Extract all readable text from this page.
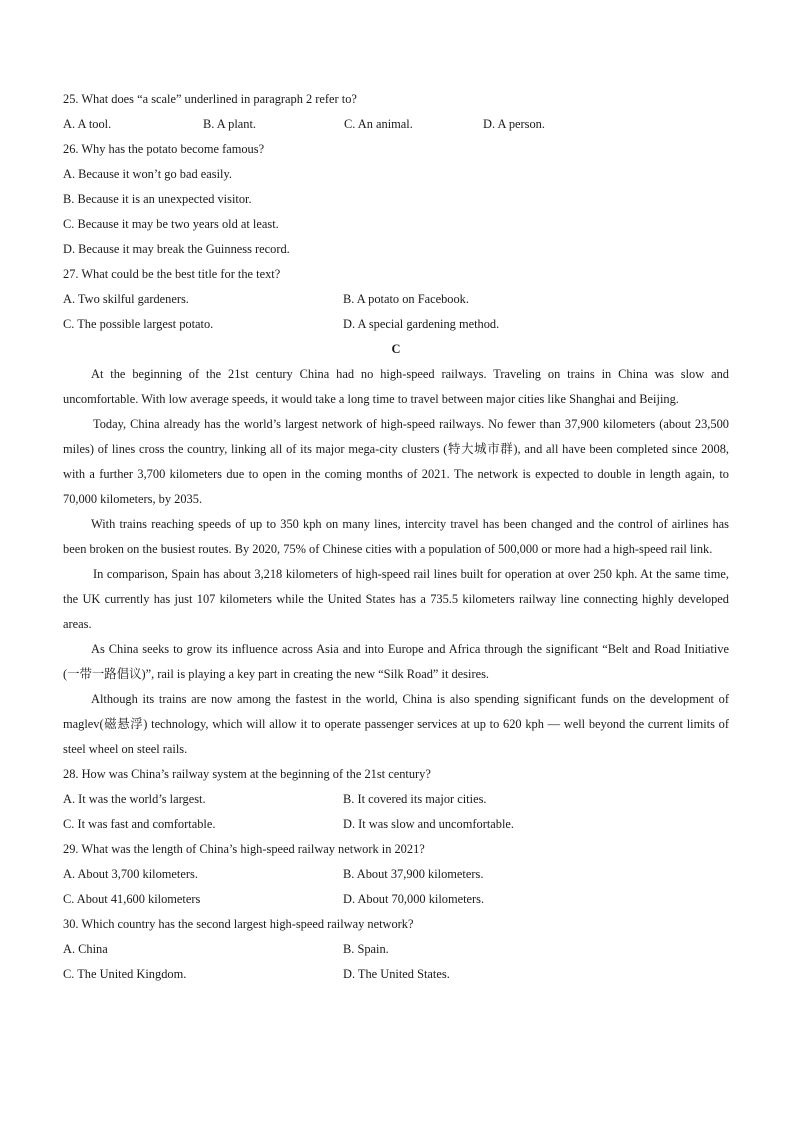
25. What does “a scale” underlined in paragraph 2 refer to?
A. A tool.	B. A plant.	C. An animal.	D. A person.
26. Why has the potato become famous?
A. Because it won’t go bad easily.
B. Because it is an unexpected visitor.
C. Because it may be two years old at least.
D. Because it may break the Guinness record.
27. What could be the best title for the text?
A. Two skilful gardeners.	B. A potato on Facebook.
C. The possible largest potato.	D. A special gardening method.
C

At the beginning of the 21st century China had no high-speed railways. Traveling on trains in China was slow and uncomfortable. With low average speeds, it would take a long time to travel between major cities like Shanghai and Beijing.

Today, China already has the world’s largest network of high-speed railways. No fewer than 37,900 kilometers (about 23,500 miles) of lines cross the country, linking all of its major mega-city clusters (特大城市群), and all have been completed since 2008, with a further 3,700 kilometers due to open in the coming months of 2021. The network is expected to double in length again, to 70,000 kilometers, by 2035.

With trains reaching speeds of up to 350 kph on many lines, intercity travel has been changed and the control of airlines has been broken on the busiest routes. By 2020, 75% of Chinese cities with a population of 500,000 or more had a high-speed rail link.

In comparison, Spain has about 3,218 kilometers of high-speed rail lines built for operation at over 250 kph. At the same time, the UK currently has just 107 kilometers while the United States has a 735.5 kilometers railway line connecting highly developed areas.

As China seeks to grow its influence across Asia and into Europe and Africa through the significant “Belt and Road Initiative (一带一路倡议)”, rail is playing a key part in creating the new “Silk Road” it desires.

Although its trains are now among the fastest in the world, China is also spending significant funds on the development of maglev(磁悬浮) technology, which will allow it to operate passenger services at up to 620 kph — well beyond the current limits of steel wheel on steel rails.

28. How was China’s railway system at the beginning of the 21st century?
A. It was the world’s largest.	B. It covered its major cities.
C. It was fast and comfortable.	D. It was slow and uncomfortable.
29. What was the length of China’s high-speed railway network in 2021?
A. About 3,700 kilometers.	B. About 37,900 kilometers.
C. About 41,600 kilometers	D. About 70,000 kilometers.
30. Which country has the second largest high-speed railway network?
A. China	B. Spain.
C. The United Kingdom.	D. The United States.
